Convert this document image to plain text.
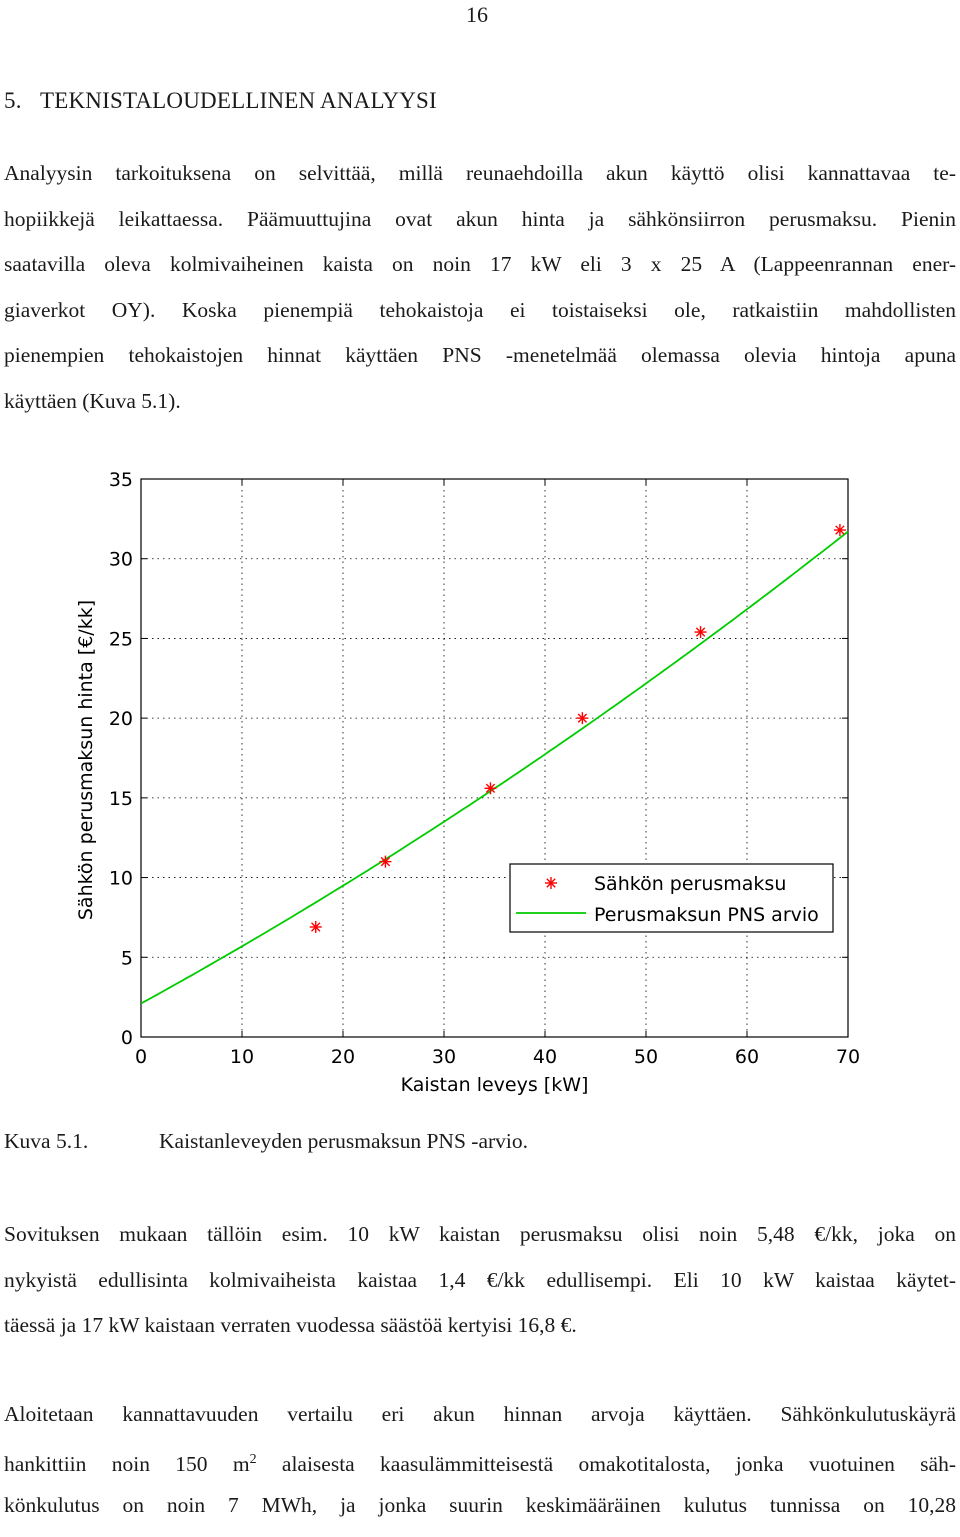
16
5. TEKNISTALOUDELLINEN ANALYYSI
Analyysin tarkoituksena on selvittää, millä reunaehdoilla akun käyttö olisi kannattavaa te-
hopiikkejä leikattaessa. Päämuuttujina ovat akun hinta ja sähkönsiirron perusmaksu. Pienin
saatavilla oleva kolmivaiheinen kaista on noin 17 kW eli 3 x 25 A (Lappeenrannan ener-
giaverkot OY). Koska pienempiä tehokaistoja ei toistaiseksi ole, ratkaistiin mahdollisten
pienempien tehokaistojen hinnat käyttäen PNS -menetelmää olemassa olevia hintoja apuna
käyttäen (Kuva 5.1).
0	10	20	30	40	50	60	70
0
5
10
15
20
25
30
35
Kaistan leveys [kW]
Sähkön perusmaksun hinta [€/kk]	Sähkön perusmaksu
Perusmaksun PNS arvio
Kuva 5.1.	Kaistanleveyden perusmaksun PNS -arvio.
Sovituksen mukaan tällöin esim. 10 kW kaistan perusmaksu olisi noin 5,48 €/kk, joka on
nykyistä edullisinta kolmivaiheista kaistaa 1,4 €/kk edullisempi. Eli 10 kW kaistaa käytet-
täessä ja 17 kW kaistaan verraten vuodessa säästöä kertyisi 16,8 €.
Aloitetaan kannattavuuden vertailu eri akun hinnan arvoja käyttäen. Sähkönkulutuskäyrä
hankittiin noin 150 $m^2$ alaisesta kaasulämmitteisestä omakotitalosta, jonka vuotuinen säh-
könkulutus on noin 7 MWh, ja jonka suurin keskimääräinen kulutus tunnissa on 10,28
